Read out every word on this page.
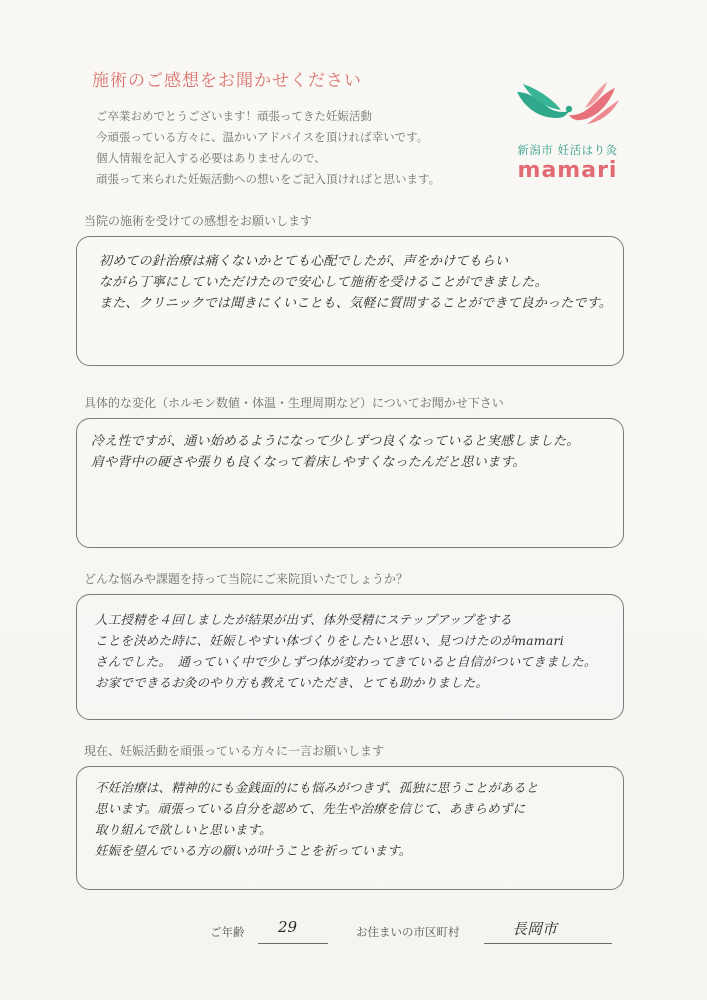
施術のご感想をお聞かせください
ご卒業おめでとうございます！頑張ってきた妊娠活動
今頑張っている方々に、温かいアドバイスを頂ければ幸いです。
個人情報を記入する必要はありませんので、
頑張って来られた妊娠活動への想いをご記入頂ければと思います。
新潟市 妊活はり灸
mamari
当院の施術を受けての感想をお願いします
初めての針治療は痛くないかとても心配でしたが、声をかけてもらい
ながら丁寧にしていただけたので安心して施術を受けることができました。
また、クリニックでは聞きにくいことも、気軽に質問することができて良かったです。
具体的な変化（ホルモン数値・体温・生理周期など）についてお聞かせ下さい
冷え性ですが、通い始めるようになって少しずつ良くなっていると実感しました。
肩や背中の硬さや張りも良くなって着床しやすくなったんだと思います。
どんな悩みや課題を持って当院にご来院頂いたでしょうか？
人工授精を４回しましたが結果が出ず、体外受精にステップアップをする
ことを決めた時に、妊娠しやすい体づくりをしたいと思い、見つけたのがmamari
さんでした。　通っていく中で少しずつ体が変わってきていると自信がついてきました。
お家でできるお灸のやり方も教えていただき、とても助かりました。
現在、妊娠活動を頑張っている方々に一言お願いします
不妊治療は、精神的にも金銭面的にも悩みがつきず、孤独に思うことがあると
思います。頑張っている自分を認めて、先生や治療を信じて、あきらめずに
取り組んで欲しいと思います。
妊娠を望んでいる方の願いが叶うことを祈っています。
ご年齢 29	お住まいの市区町村	長岡市
